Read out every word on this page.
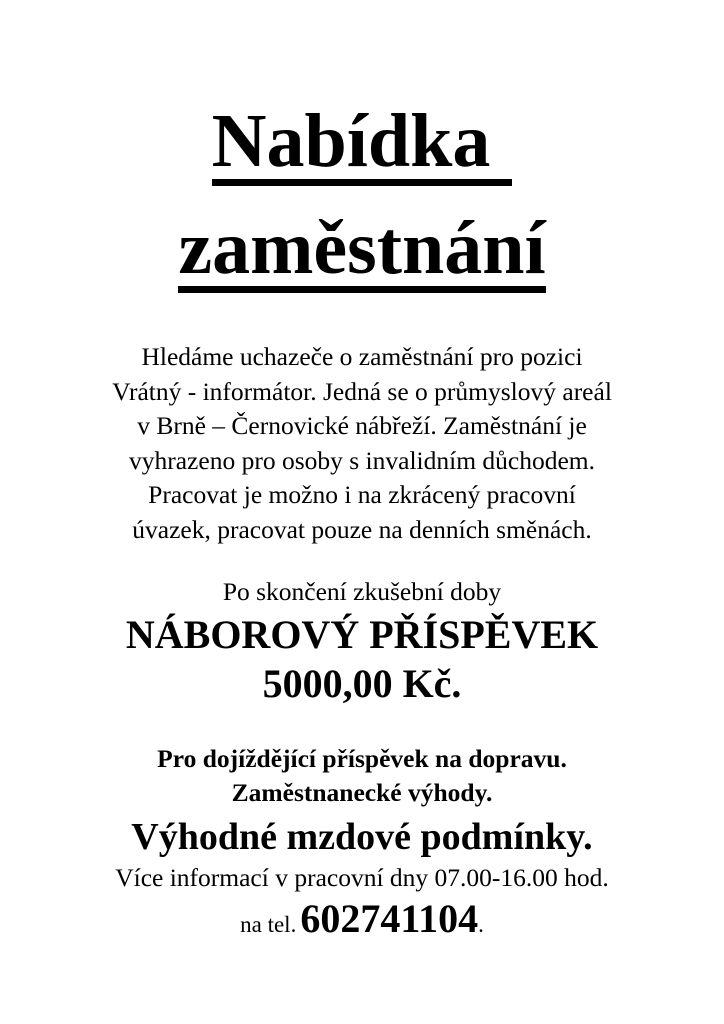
Nabídka
zaměstnání
Hledáme uchazeče o zaměstnání pro pozici
Vrátný - informátor. Jedná se o průmyslový areál
v Brně – Černovické nábřeží. Zaměstnání je
vyhrazeno pro osoby s invalidním důchodem.
Pracovat je možno i na zkrácený pracovní
úvazek, pracovat pouze na denních směnách.
Po skončení zkušební doby
NÁBOROVÝ PŘÍSPĚVEK
5000,00 Kč.
Pro dojíždějící příspěvek na dopravu.
Zaměstnanecké výhody.
Výhodné mzdové podmínky.
Více informací v pracovní dny 07.00-16.00 hod.
na tel. 602741104.
